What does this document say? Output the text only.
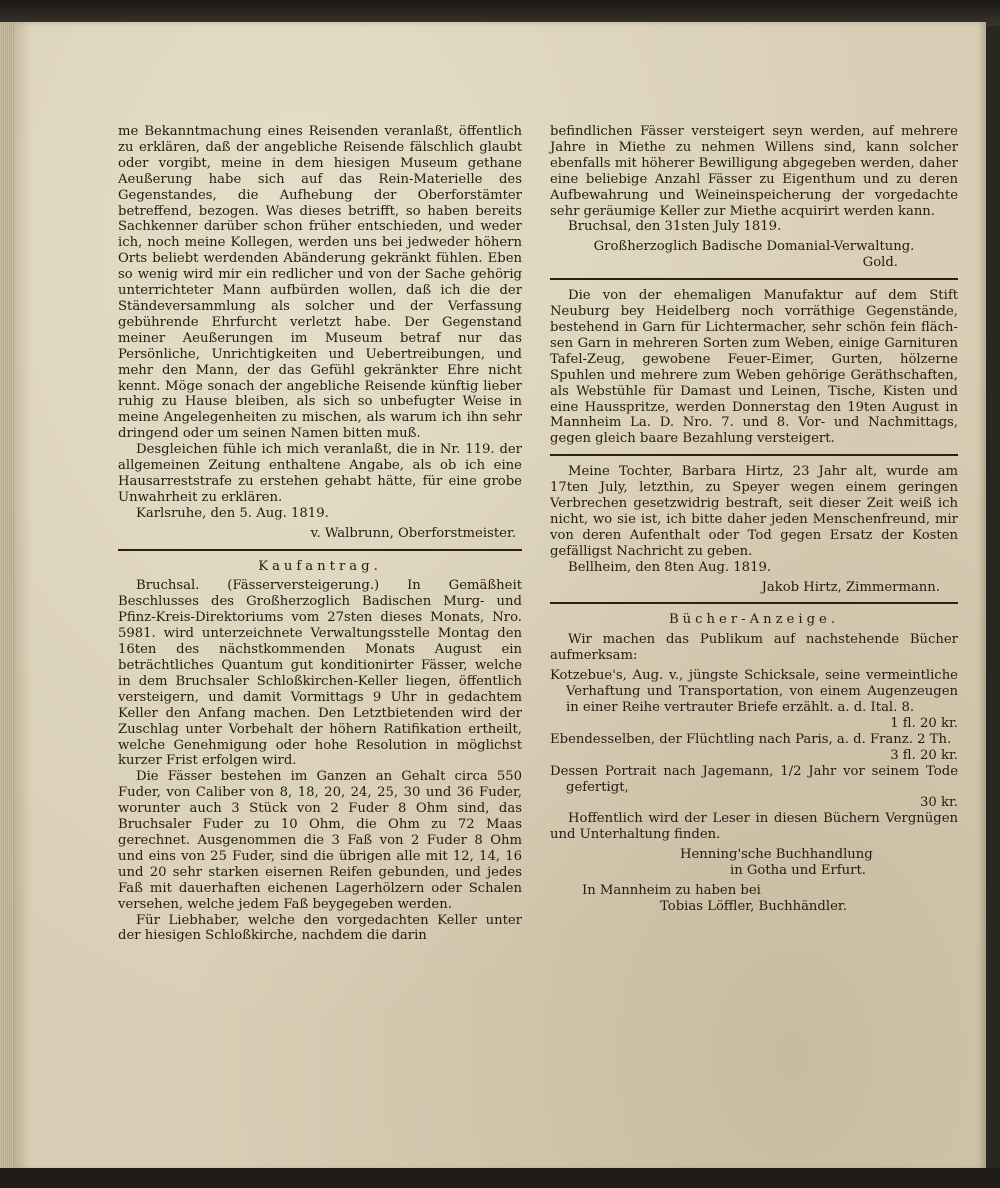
me Bekanntmachung eines Reisenden veranlaßt, öffentlich zu erklären, daß der angebliche Reisende fälschlich glaubt oder vorgibt, meine in dem hiesigen Museum gethane Aeußerung habe sich auf das Rein-Materielle des Gegenstandes, die Aufhebung der Oberforstämter betreffend, bezogen. Was dieses betrifft, so haben bereits Sachkenner darüber schon früher entschieden, und weder ich, noch meine Kollegen, werden uns bei jedweder höhern Orts beliebt werdenden Abänderung gekränkt fühlen. Eben so wenig wird mir ein redlicher und von der Sache gehörig unterrichteter Mann aufbürden wollen, daß ich die der Ständeversammlung als solcher und der Verfassung gebührende Ehrfurcht verletzt habe. Der Gegenstand meiner Aeußerungen im Museum betraf nur das Persönliche, Unrichtigkeiten und Uebertreibungen, und mehr den Mann, der das Gefühl gekränkter Ehre nicht kennt. Möge sonach der angebliche Reisende künftig lieber ruhig zu Hause bleiben, als sich so unbefugter Weise in meine Angelegenheiten zu mischen, als warum ich ihn sehr dringend oder um seinen Namen bitten muß.

Desgleichen fühle ich mich veranlaßt, die in Nr. 119. der allgemeinen Zeitung enthaltene Angabe, als ob ich eine Hausarreststrafe zu erstehen gehabt hätte, für eine grobe Unwahrheit zu erklären.

Karlsruhe, den 5. Aug. 1819.

v. Walbrunn, Oberforstmeister.

Kaufantrag.

Bruchsal. (Fässerversteigerung.) In Gemäßheit Beschlusses des Großherzoglich Badischen Murg- und Pfinz-Kreis-Direktoriums vom 27sten dieses Monats, Nro. 5981. wird unterzeichnete Verwaltungsstelle Montag den 16ten des nächstkommenden Monats August ein beträchtliches Quantum gut konditionirter Fässer, welche in dem Bruchsaler Schloßkirchen-Keller liegen, öffentlich versteigern, und damit Vormittags 9 Uhr in gedachtem Keller den Anfang machen. Den Letztbietenden wird der Zuschlag unter Vorbehalt der höhern Ratifikation ertheilt, welche Genehmigung oder hohe Resolution in möglichst kurzer Frist erfolgen wird.

Die Fässer bestehen im Ganzen an Gehalt circa 550 Fuder, von Caliber von 8, 18, 20, 24, 25, 30 und 36 Fuder, worunter auch 3 Stück von 2 Fuder 8 Ohm sind, das Bruchsaler Fuder zu 10 Ohm, die Ohm zu 72 Maas gerechnet. Ausgenommen die 3 Faß von 2 Fuder 8 Ohm und eins von 25 Fuder, sind die übrigen alle mit 12, 14, 16 und 20 sehr starken eisernen Reifen gebunden, und jedes Faß mit dauerhaften eichenen Lagerhölzern oder Schalen versehen, welche jedem Faß beygegeben werden.

Für Liebhaber, welche den vorgedachten Keller unter der hiesigen Schloßkirche, nachdem die darin

befindlichen Fässer versteigert seyn werden, auf mehrere Jahre in Miethe zu nehmen Willens sind, kann solcher ebenfalls mit höherer Bewilligung abgegeben werden, daher eine beliebige Anzahl Fässer zu Eigenthum und zu deren Aufbewahrung und Weineinspeicherung der vorgedachte sehr geräumige Keller zur Miethe acquirirt werden kann.

Bruchsal, den 31sten July 1819.

Großherzoglich Badische Domanial-Verwaltung.

Gold.

Die von der ehemaligen Manufaktur auf dem Stift Neuburg bey Heidelberg noch vorräthige Gegenstände, bestehend in Garn für Lichtermacher, sehr schön fein flächsen Garn in mehreren Sorten zum Weben, einige Garnituren Tafel-Zeug, gewobene Feuer-Eimer, Gurten, hölzerne Spuhlen und mehrere zum Weben gehörige Geräthschaften, als Webstühle für Damast und Leinen, Tische, Kisten und eine Hausspritze, werden Donnerstag den 19ten August in Mannheim La. D. Nro. 7. und 8. Vor- und Nachmittags, gegen gleich baare Bezahlung versteigert.

Meine Tochter, Barbara Hirtz, 23 Jahr alt, wurde am 17ten July, letzthin, zu Speyer wegen einem geringen Verbrechen gesetzwidrig bestraft, seit dieser Zeit weiß ich nicht, wo sie ist, ich bitte daher jeden Menschenfreund, mir von deren Aufenthalt oder Tod gegen Ersatz der Kosten gefälligst Nachricht zu geben.

Bellheim, den 8ten Aug. 1819.

Jakob Hirtz, Zimmermann.

Bücher-Anzeige.

Wir machen das Publikum auf nachstehende Bücher aufmerksam:

Kotzebue's, Aug. v., jüngste Schicksale, seine vermeintliche Verhaftung und Transportation, von einem Augenzeugen in einer Reihe vertrauter Briefe erzählt. a. d. Ital. 8.

1 fl. 20 kr.

Ebendesselben, der Flüchtling nach Paris, a. d. Franz. 2 Th.

3 fl. 20 kr.

Dessen Portrait nach Jagemann, 1/2 Jahr vor seinem Tode gefertigt,

30 kr.

Hoffentlich wird der Leser in diesen Büchern Vergnügen und Unterhaltung finden.

Henning'sche Buchhandlung

in Gotha und Erfurt.

In Mannheim zu haben bei

Tobias Löffler, Buchhändler.
